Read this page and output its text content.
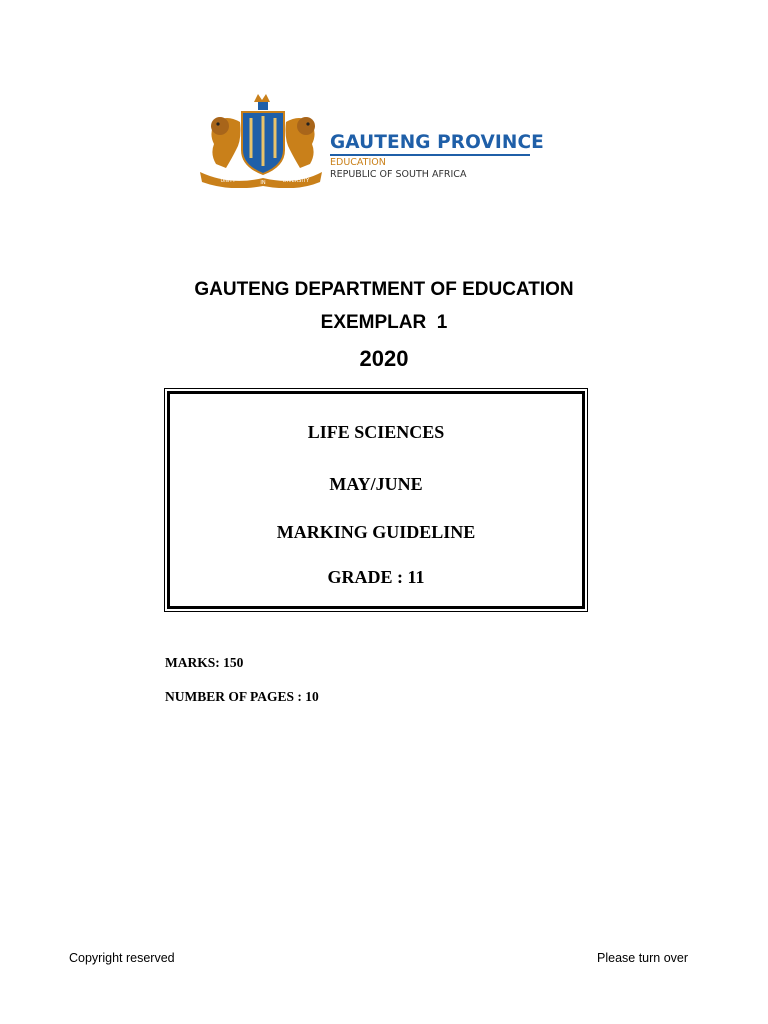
UNITY	IN	DIVERSITY
GAUTENG PROVINCE
EDUCATION
REPUBLIC OF SOUTH AFRICA
GAUTENG DEPARTMENT OF EDUCATION
EXEMPLAR  1
2020
LIFE SCIENCES
MAY/JUNE
MARKING GUIDELINE
GRADE : 11
MARKS: 150
NUMBER OF PAGES : 10
Copyright reserved	Please turn over
